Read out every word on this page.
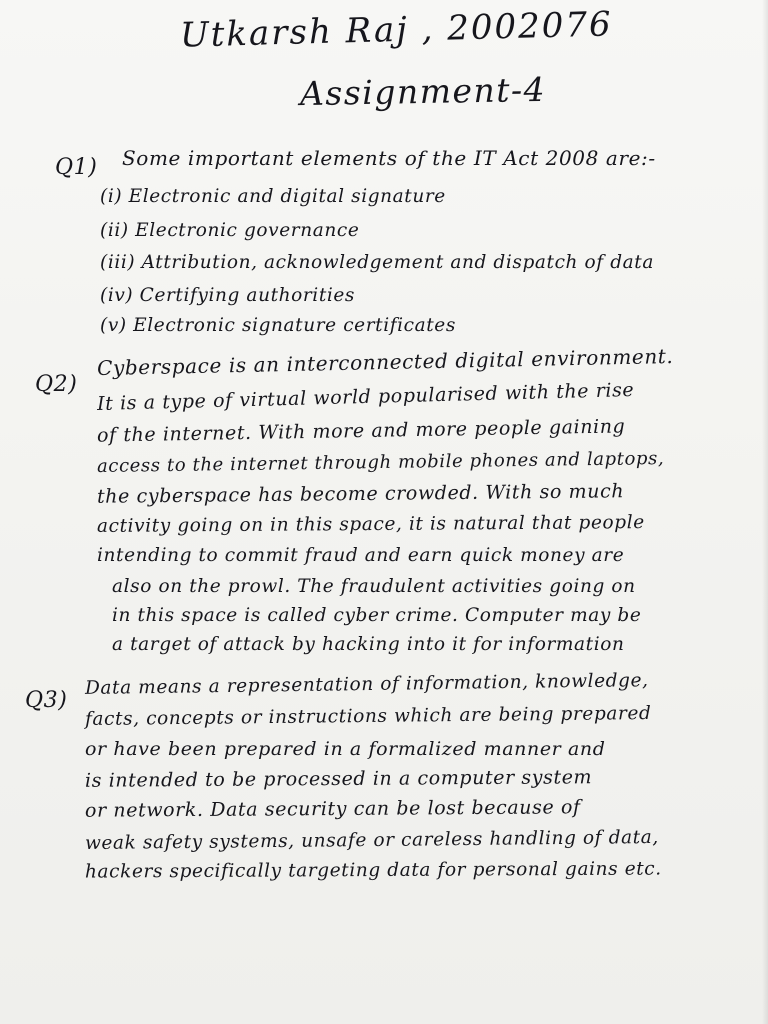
Utkarsh Raj , 2002076
Assignment-4
Q1) Some important elements of the IT Act 2008 are:-
(i) Electronic and digital signature
(ii) Electronic governance
(iii) Attribution, acknowledgement and dispatch of data
(iv) Certifying authorities
(v) Electronic signature certificates
Q2)
Cyberspace is an interconnected digital environment.
It is a type of virtual world popularised with the rise
of the internet. With more and more people gaining
access to the internet through mobile phones and laptops,
the cyberspace has become crowded. With so much
activity going on in this space, it is natural that people
intending to commit fraud and earn quick money are
also on the prowl. The fraudulent activities going on
in this space is called cyber crime. Computer may be
a target of attack by hacking into it for information
Q3)
Data means a representation of information, knowledge,
facts, concepts or instructions which are being prepared
or have been prepared in a formalized manner and
is intended to be processed in a computer system
or network. Data security can be lost because of
weak safety systems, unsafe or careless handling of data,
hackers specifically targeting data for personal gains etc.
